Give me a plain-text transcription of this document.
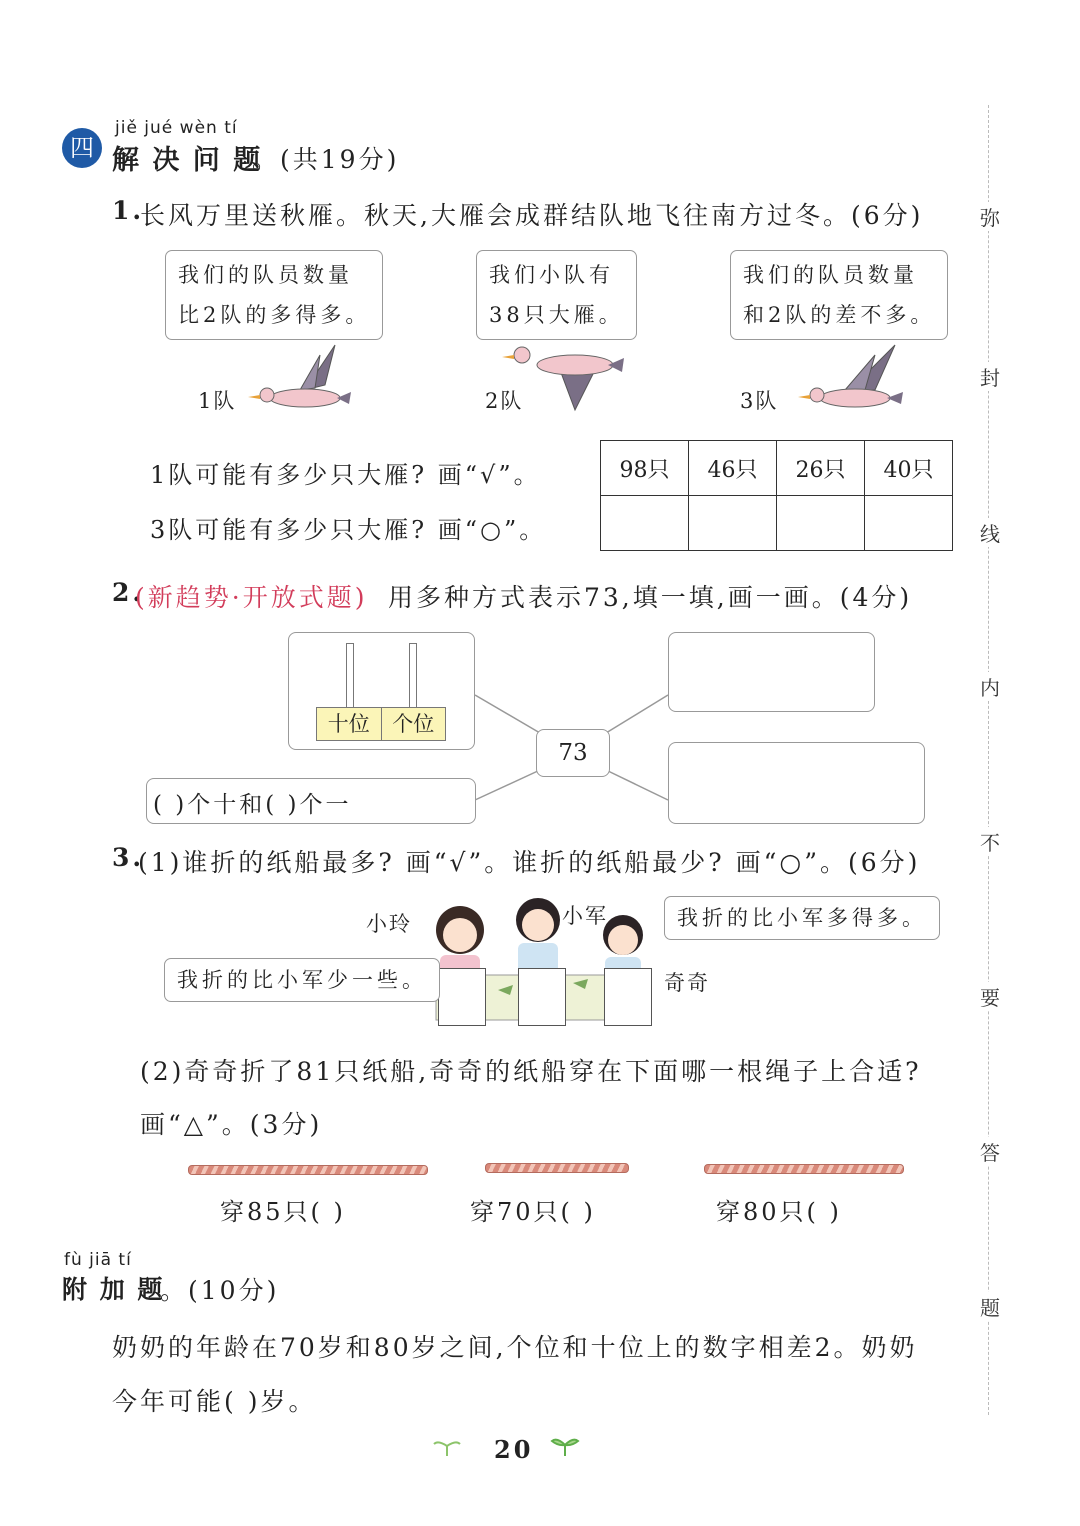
jiě jué wèn tí
四 解 决 问 题
。(共19分)
1.
长风万里送秋雁。秋天,大雁会成群结队地飞往南方过冬。(6分)
我们的队员数量
比2队的多得多。
我们小队有
38只大雁。
我们的队员数量
和2队的差不多。
1队	2队	3队
1队可能有多少只大雁? 画“√”。
3队可能有多少只大雁? 画“○”。
98只	46只	26只	40只

2.
(新趋势·开放式题) 用多种方式表示73,填一填,画一画。(4分)
十位	个位
73
( )个十和( )个一
3.
(1)谁折的纸船最多? 画“√”。谁折的纸船最少? 画“○”。(6分)
小玲	小军
奇奇
我折的比小军多得多。
我折的比小军少一些。
(2)奇奇折了81只纸船,奇奇的纸船穿在下面哪一根绳子上合适?
画“△”。(3分)
穿85只( )	穿70只( )	穿80只( )
fù jiā tí
附 加 题
。(10分)
奶奶的年龄在70岁和80岁之间,个位和十位上的数字相差2。奶奶
今年可能( )岁。
弥
封
线
内
不
要
答
题
20
